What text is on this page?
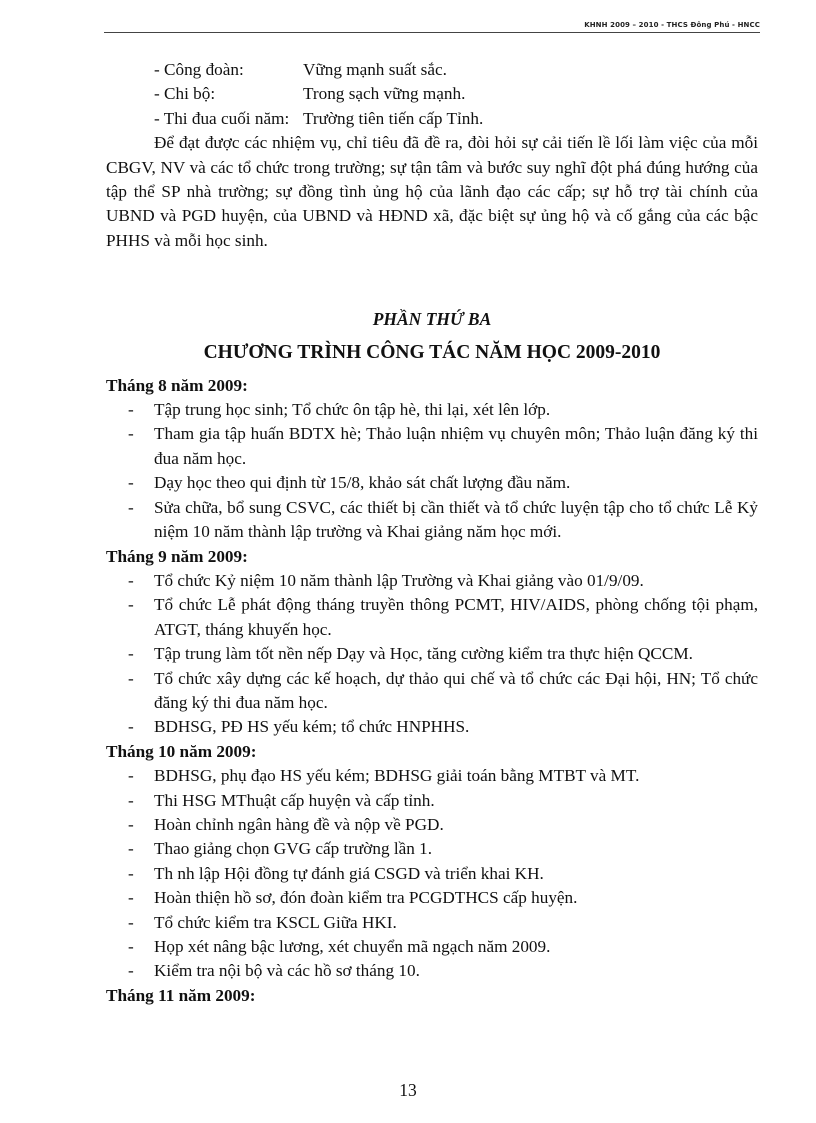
KHNH 2009 – 2010 - THCS Đông Phú - HNCC
- Công đoàn:	Vững mạnh suất sắc.
- Chi bộ:	Trong sạch vững mạnh.
- Thi đua cuối năm: Trường tiên tiến cấp Tỉnh.
Để đạt được các nhiệm vụ, chỉ tiêu đã đề ra, đòi hỏi sự cải tiến lề lối làm việc của mỗi CBGV, NV và các tổ chức trong trường; sự tận tâm và bước suy nghĩ đột phá đúng hướng của tập thể SP nhà trường; sự đồng tình ủng hộ của lãnh đạo các cấp; sự hỗ trợ tài chính của UBND và PGD huyện, của UBND và HĐND xã, đặc biệt sự ủng hộ và cố gắng của các bậc PHHS và mỗi học sinh.
PHẦN THỨ BA
CHƯƠNG TRÌNH CÔNG TÁC NĂM HỌC 2009-2010
Tháng 8 năm 2009:
- Tập trung học sinh; Tổ chức ôn tập hè, thi lại, xét lên lớp.
- Tham gia tập huấn BDTX hè; Thảo luận nhiệm vụ chuyên môn; Thảo luận đăng ký thi đua năm học.
- Dạy học theo qui định từ 15/8, khảo sát chất lượng đầu năm.
- Sửa chữa, bổ sung CSVC, các thiết bị cần thiết và tổ chức luyện tập cho tổ chức Lễ Kỷ niệm 10 năm thành lập trường và Khai giảng năm học mới.
Tháng 9 năm 2009:
- Tổ chức Kỷ niệm 10 năm thành lập Trường và Khai giảng vào 01/9/09.
- Tổ chức Lễ phát động tháng truyền thông PCMT, HIV/AIDS, phòng chống tội phạm, ATGT, tháng khuyến học.
- Tập trung làm tốt nền nếp Dạy và Học, tăng cường kiểm tra thực hiện QCCM.
- Tổ chức xây dựng các kế hoạch, dự thảo qui chế và tổ chức các Đại hội, HN; Tổ chức đăng ký thi đua năm học.
- BDHSG, PĐ HS yếu kém; tổ chức HNPHHS.
Tháng 10 năm 2009:
- BDHSG, phụ đạo HS yếu kém; BDHSG giải toán bằng MTBT và MT.
- Thi HSG MThuật cấp huyện và cấp tỉnh.
- Hoàn chỉnh ngân hàng đề và nộp về PGD.
- Thao giảng chọn GVG cấp trường lần 1.
- Th nh lập Hội đồng tự đánh giá CSGD và triển khai KH.
- Hoàn thiện hồ sơ, đón đoàn kiểm tra PCGDTHCS cấp huyện.
- Tổ chức kiểm tra KSCL Giữa HKI.
- Họp xét nâng bậc lương, xét chuyển mã ngạch năm 2009.
- Kiểm tra nội bộ và các hồ sơ tháng 10.
Tháng 11 năm 2009:
13
